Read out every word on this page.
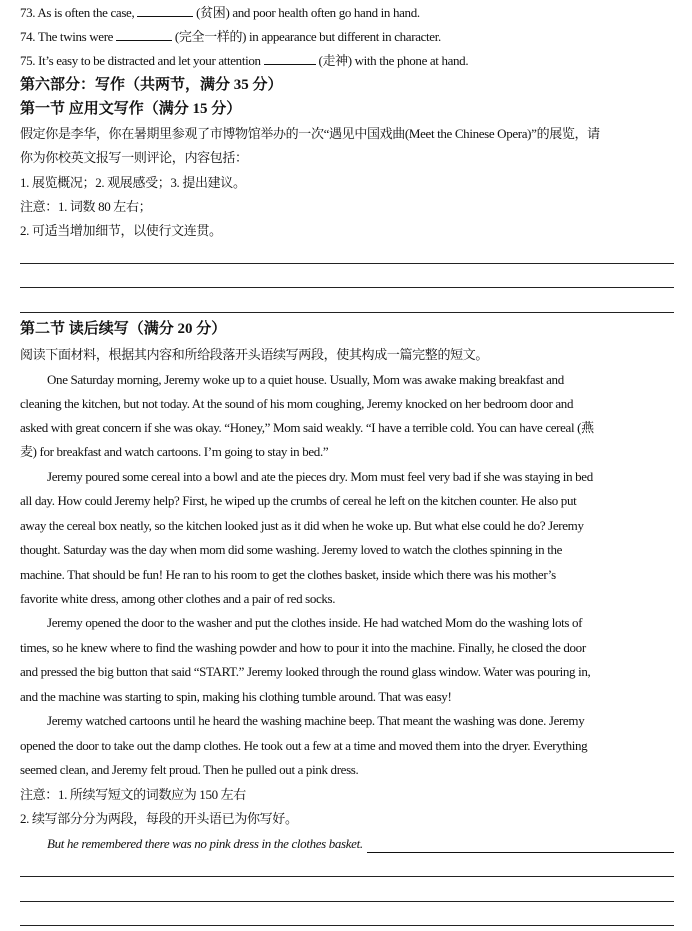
73. As is often the case,	(贫困) and poor health often go hand in hand.
74. The twins were	(完全一样的) in appearance but different in character.
75. It’s easy to be distracted and let your attention	(走神) with the phone at hand.
第六部分：写作（共两节，满分 35 分）
第一节 应用文写作（满分 15 分）
假定你是李华，你在暑期里参观了市博物馆举办的一次“遇见中国戏曲(Meet the Chinese Opera)”的展览，请
你为你校英文报写一则评论，内容包括：
1. 展览概况；2. 观展感受；3. 提出建议。
注意：1. 词数 80 左右；
2. 可适当增加细节，以使行文连贯。
第二节 读后续写（满分 20 分）
阅读下面材料，根据其内容和所给段落开头语续写两段，使其构成一篇完整的短文。
One Saturday morning, Jeremy woke up to a quiet house. Usually, Mom was awake making breakfast and
cleaning the kitchen, but not today. At the sound of his mom coughing, Jeremy knocked on her bedroom door and
asked with great concern if she was okay. “Honey,” Mom said weakly. “I have a terrible cold. You can have cereal (燕
麦) for breakfast and watch cartoons. I’m going to stay in bed.”
Jeremy poured some cereal into a bowl and ate the pieces dry. Mom must feel very bad if she was staying in bed
all day. How could Jeremy help? First, he wiped up the crumbs of cereal he left on the kitchen counter. He also put
away the cereal box neatly, so the kitchen looked just as it did when he woke up. But what else could he do? Jeremy
thought. Saturday was the day when mom did some washing. Jeremy loved to watch the clothes spinning in the
machine. That should be fun! He ran to his room to get the clothes basket, inside which there was his mother’s
favorite white dress, among other clothes and a pair of red socks.
Jeremy opened the door to the washer and put the clothes inside. He had watched Mom do the washing lots of
times, so he knew where to find the washing powder and how to pour it into the machine. Finally, he closed the door
and pressed the big button that said “START.” Jeremy looked through the round glass window. Water was pouring in,
and the machine was starting to spin, making his clothing tumble around. That was easy!
Jeremy watched cartoons until he heard the washing machine beep. That meant the washing was done. Jeremy
opened the door to take out the damp clothes. He took out a few at a time and moved them into the dryer. Everything
seemed clean, and Jeremy felt proud. Then he pulled out a pink dress.
注意：1. 所续写短文的词数应为 150 左右
2. 续写部分分为两段，每段的开头语已为你写好。
But he remembered there was no pink dress in the clothes basket.
